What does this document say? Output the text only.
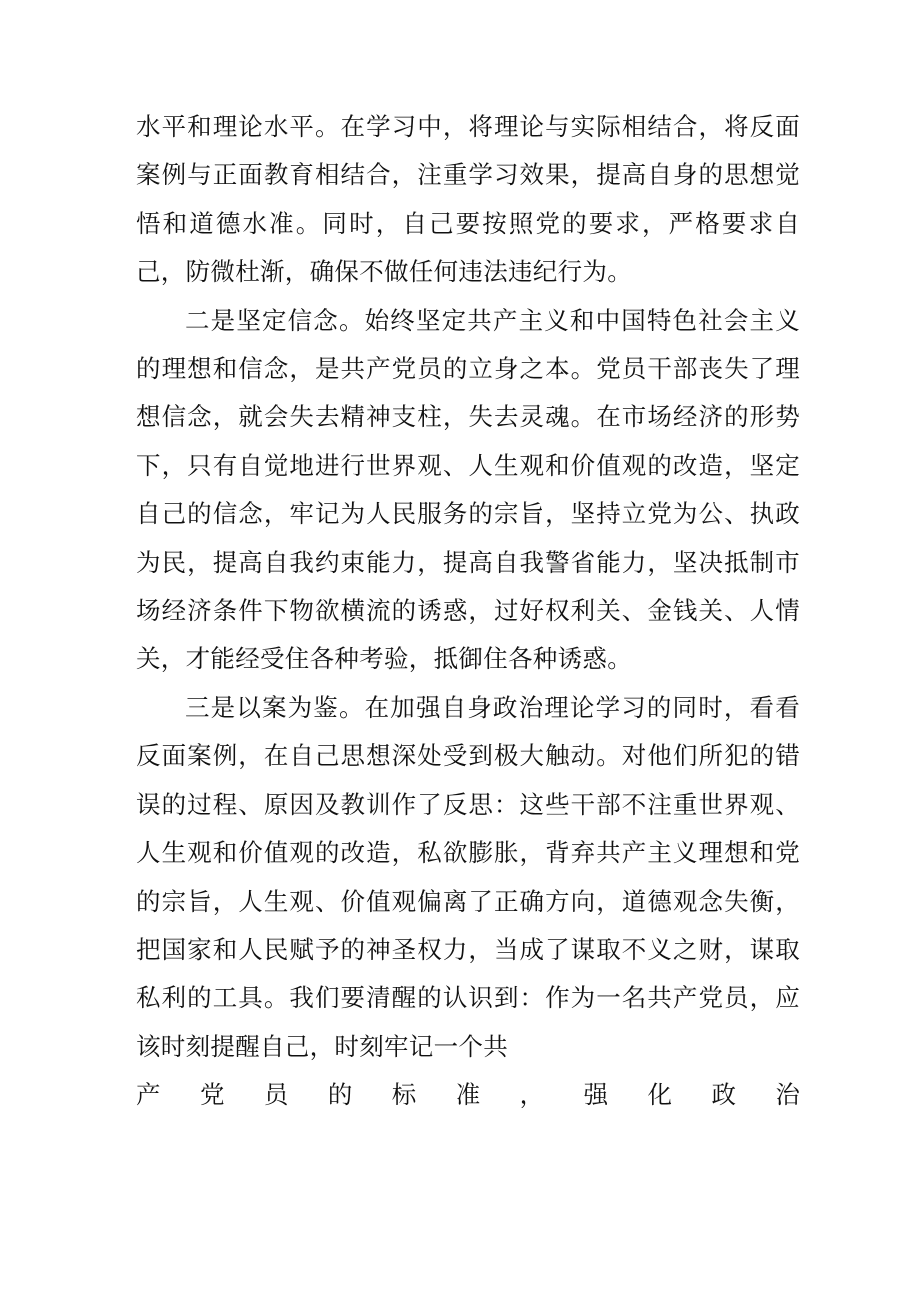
水平和理论水平。在学习中，将理论与实际相结合，将反面案例与正面教育相结合，注重学习效果，提高自身的思想觉悟和道德水准。同时，自己要按照党的要求，严格要求自己，防微杜渐，确保不做任何违法违纪行为。

二是坚定信念。始终坚定共产主义和中国特色社会主义的理想和信念，是共产党员的立身之本。党员干部丧失了理想信念，就会失去精神支柱，失去灵魂。在市场经济的形势下，只有自觉地进行世界观、人生观和价值观的改造，坚定自己的信念，牢记为人民服务的宗旨，坚持立党为公、执政为民，提高自我约束能力，提高自我警省能力，坚决抵制市场经济条件下物欲横流的诱惑，过好权利关、金钱关、人情关，才能经受住各种考验，抵御住各种诱惑。

三是以案为鉴。在加强自身政治理论学习的同时，看看反面案例，在自己思想深处受到极大触动。对他们所犯的错误的过程、原因及教训作了反思：这些干部不注重世界观、人生观和价值观的改造，私欲膨胀，背弃共产主义理想和党的宗旨，人生观、价值观偏离了正确方向，道德观念失衡，把国家和人民赋予的神圣权力，当成了谋取不义之财，谋取私利的工具。我们要清醒的认识到：作为一名共产党员，应该时刻提醒自己，时刻牢记一个共

产 党 员 的 标 准 ， 强 化 政 治
